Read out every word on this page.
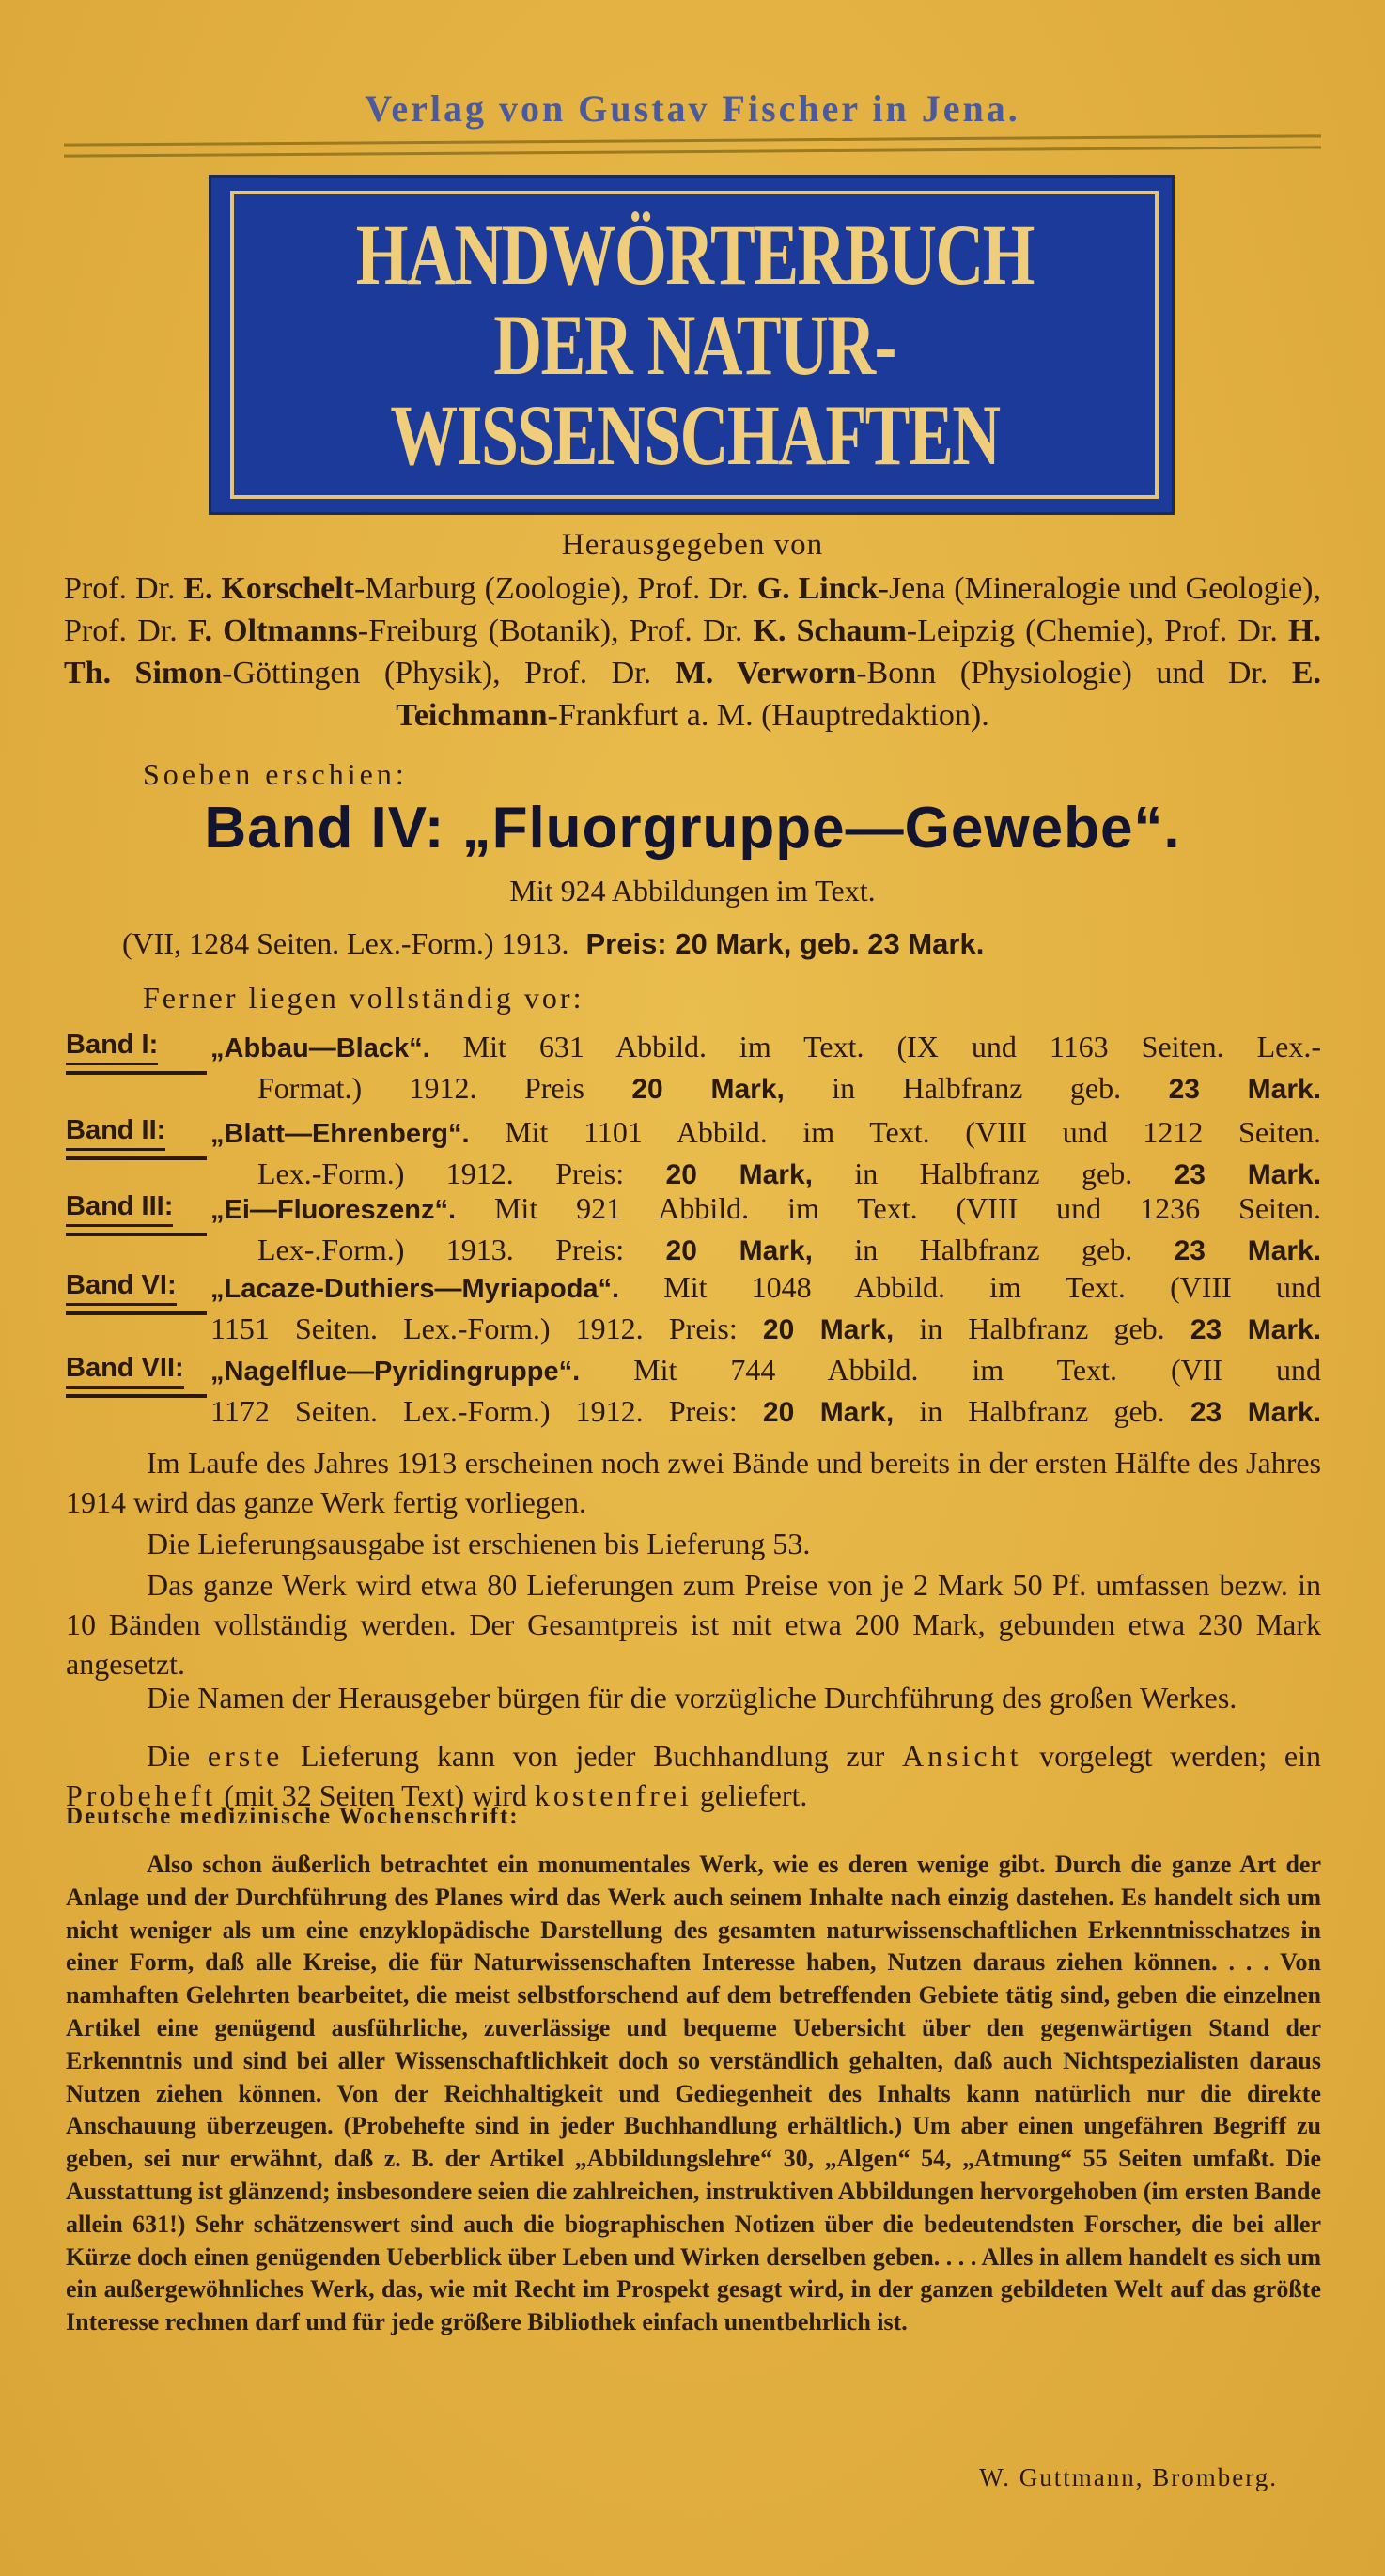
Verlag von Gustav Fischer in Jena.
HANDWÖRTERBUCH
DER NATUR-
WISSENSCHAFTEN
Herausgegeben von
Prof. Dr. E. Korschelt-Marburg (Zoologie), Prof. Dr. G. Linck-Jena (Mineralogie und Geologie), Prof. Dr. F. Oltmanns-Freiburg (Botanik), Prof. Dr. K. Schaum-Leipzig (Chemie), Prof. Dr. H. Th. Simon-Göttingen (Physik), Prof. Dr. M. Verworn-Bonn (Physiologie) und Dr. E. Teichmann-Frankfurt a. M. (Hauptredaktion).
Soeben erschien:
Band IV: „Fluorgruppe—Gewebe“.
Mit 924 Abbildungen im Text.
(VII, 1284 Seiten. Lex.-Form.) 1913. Preis: 20 Mark, geb. 23 Mark.
Ferner liegen vollständig vor:
Band I: „Abbau—Black“. Mit 631 Abbild. im Text. (IX und 1163 Seiten. Lex.-
Format.) 1912. Preis 20 Mark, in Halbfranz geb. 23 Mark.
Band II: „Blatt—Ehrenberg“. Mit 1101 Abbild. im Text. (VIII und 1212 Seiten.
Lex.-Form.) 1912. Preis: 20 Mark, in Halbfranz geb. 23 Mark.
Band III: „Ei—Fluoreszenz“. Mit 921 Abbild. im Text. (VIII und 1236 Seiten.
Lex-.Form.) 1913. Preis: 20 Mark, in Halbfranz geb. 23 Mark.
Band VI: „Lacaze-Duthiers—Myriapoda“. Mit 1048 Abbild. im Text. (VIII und
1151 Seiten. Lex.-Form.) 1912. Preis: 20 Mark, in Halbfranz geb. 23 Mark.
Band VII: „Nagelflue—Pyridingruppe“. Mit 744 Abbild. im Text. (VII und
1172 Seiten. Lex.-Form.) 1912. Preis: 20 Mark, in Halbfranz geb. 23 Mark.
Im Laufe des Jahres 1913 erscheinen noch zwei Bände und bereits in der ersten Hälfte des Jahres 1914 wird das ganze Werk fertig vorliegen.
Die Lieferungsausgabe ist erschienen bis Lieferung 53.
Das ganze Werk wird etwa 80 Lieferungen zum Preise von je 2 Mark 50 Pf. umfassen bezw. in 10 Bänden vollständig werden. Der Gesamtpreis ist mit etwa 200 Mark, gebunden etwa 230 Mark angesetzt.
Die Namen der Herausgeber bürgen für die vorzügliche Durchführung des großen Werkes.
Die erste Lieferung kann von jeder Buchhandlung zur Ansicht vorgelegt werden; ein Probeheft (mit 32 Seiten Text) wird kostenfrei geliefert.
Deutsche medizinische Wochenschrift:
Also schon äußerlich betrachtet ein monumentales Werk, wie es deren wenige gibt. Durch die ganze Art der Anlage und der Durchführung des Planes wird das Werk auch seinem Inhalte nach einzig dastehen. Es handelt sich um nicht weniger als um eine enzyklopädische Darstellung des gesamten naturwissenschaftlichen Erkenntnisschatzes in einer Form, daß alle Kreise, die für Naturwissenschaften Interesse haben, Nutzen daraus ziehen können. . . . Von namhaften Gelehrten bearbeitet, die meist selbstforschend auf dem betreffenden Gebiete tätig sind, geben die einzelnen Artikel eine genügend ausführliche, zuverlässige und bequeme Uebersicht über den gegenwärtigen Stand der Erkenntnis und sind bei aller Wissenschaftlichkeit doch so verständlich gehalten, daß auch Nichtspezialisten daraus Nutzen ziehen können. Von der Reichhaltigkeit und Gediegenheit des Inhalts kann natürlich nur die direkte Anschauung überzeugen. (Probehefte sind in jeder Buchhandlung erhältlich.) Um aber einen ungefähren Begriff zu geben, sei nur erwähnt, daß z. B. der Artikel „Abbildungslehre“ 30, „Algen“ 54, „Atmung“ 55 Seiten umfaßt. Die Ausstattung ist glänzend; insbesondere seien die zahlreichen, instruktiven Abbildungen hervorgehoben (im ersten Bande allein 631!) Sehr schätzenswert sind auch die biographischen Notizen über die bedeutendsten Forscher, die bei aller Kürze doch einen genügenden Ueberblick über Leben und Wirken derselben geben. . . . Alles in allem handelt es sich um ein außergewöhnliches Werk, das, wie mit Recht im Prospekt gesagt wird, in der ganzen gebildeten Welt auf das größte Interesse rechnen darf und für jede größere Bibliothek einfach unentbehrlich ist.
W. Guttmann, Bromberg.
